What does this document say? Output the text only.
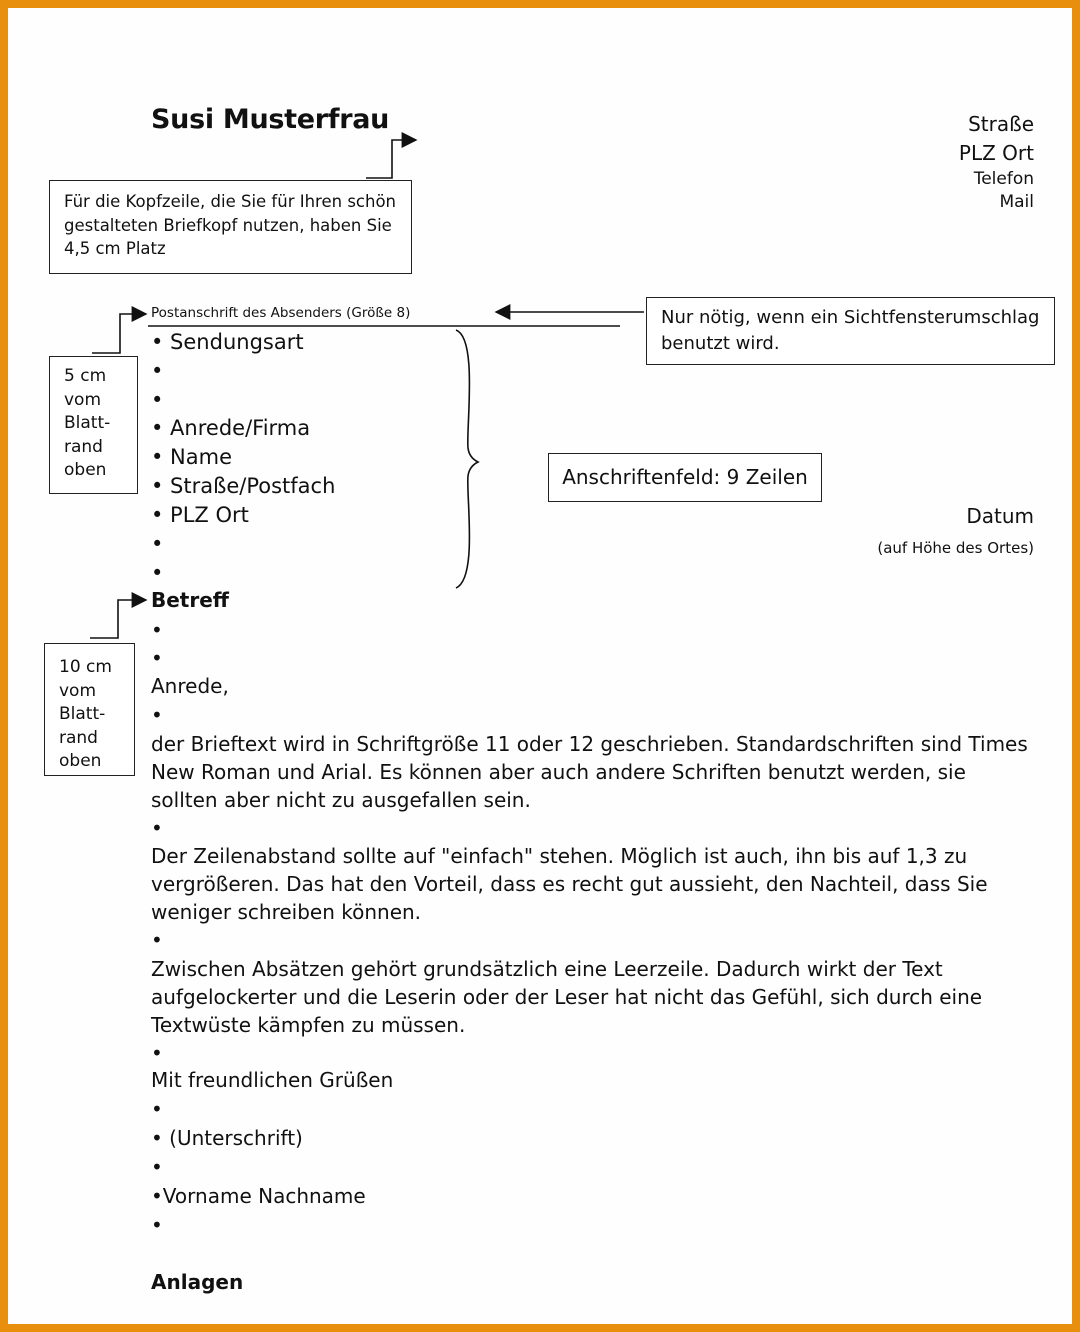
Susi Musterfrau	Straße
PLZ Ort
Telefon
Mail
Für die Kopfzeile, die Sie für Ihren schön gestalteten Briefkopf nutzen, haben Sie 4,5 cm Platz
Nur nötig, wenn ein Sichtfensterumschlag benutzt wird.
5 cm
vom
Blatt-
rand
oben
10 cm
vom
Blatt-
rand
oben
Anschriftenfeld: 9 Zeilen
Postanschrift des Absenders (Größe 8)
• Sendungsart
•
•
• Anrede/Firma
• Name
• Straße/Postfach
• PLZ Ort
•
•
Datum
(auf Höhe des Ortes)
Betreff
•
•
Anrede,
•
der Brieftext wird in Schriftgröße 11 oder 12 geschrieben. Standardschriften sind Times New Roman und Arial. Es können aber auch andere Schriften benutzt werden, sie sollten aber nicht zu ausgefallen sein.
•
Der Zeilenabstand sollte auf "einfach" stehen. Möglich ist auch, ihn bis auf 1,3 zu vergrößeren. Das hat den Vorteil, dass es recht gut aussieht, den Nachteil, dass Sie weniger schreiben können.
•
Zwischen Absätzen gehört grundsätzlich eine Leerzeile. Dadurch wirkt der Text aufgelockerter und die Leserin oder der Leser hat nicht das Gefühl, sich durch eine Textwüste kämpfen zu müssen.
•
Mit freundlichen Grüßen
•
• (Unterschrift)
•
•Vorname Nachname
•
Anlagen
